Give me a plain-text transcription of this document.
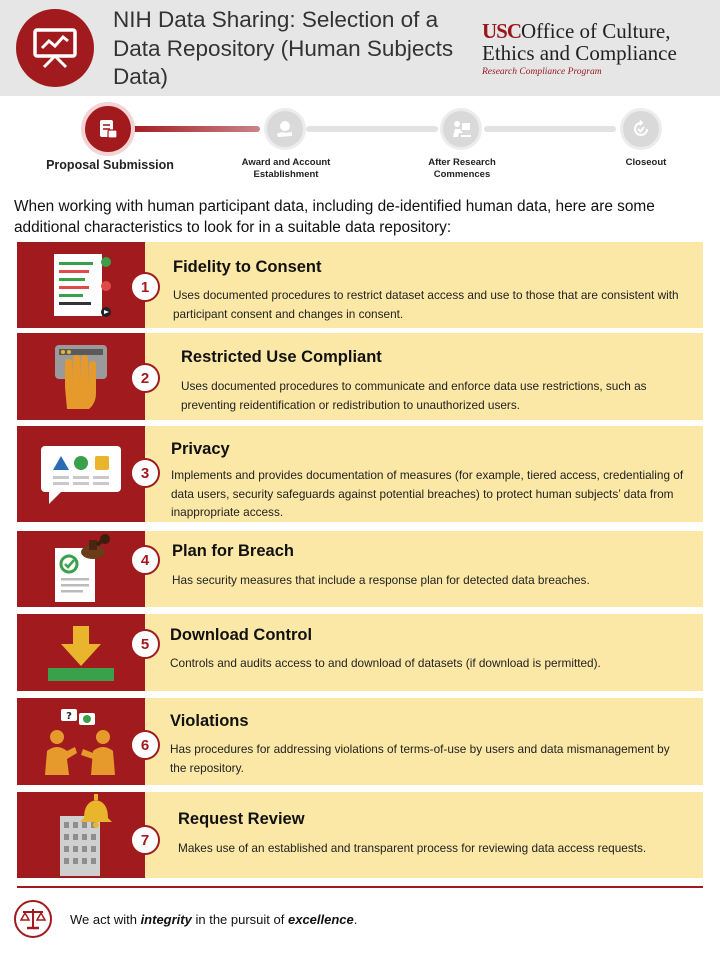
NIH Data Sharing: Selection of a Data Repository (Human Subjects Data)
USCOffice of Culture,
Ethics and Compliance
Research Compliance Program
Proposal Submission	Award and Account Establishment
After Research Commences
Closeout
When working with human participant data, including de-identified human data, here are some additional characteristics to look for in a suitable data repository:
1
Fidelity to Consent
Uses documented procedures to restrict dataset access and use to those that are consistent with participant consent and changes in consent.
2
Restricted Use Compliant
Uses documented procedures to communicate and enforce data use restrictions, such as preventing reidentification or redistribution to unauthorized users.
3
Privacy
Implements and provides documentation of measures (for example, tiered access, credentialing of data users, security safeguards against potential breaches) to protect human subjects’ data from inappropriate access.
4	Plan for Breach
Has security measures that include a response plan for detected data breaches.
5	Download Control
Controls and audits access to and download of datasets (if download is permitted).
?
6
Violations
Has procedures for addressing violations of terms-of-use by users and data mismanagement by the repository.
7
Request Review
Makes use of an established and transparent process for reviewing data access requests.
We act with integrity in the pursuit of excellence.
